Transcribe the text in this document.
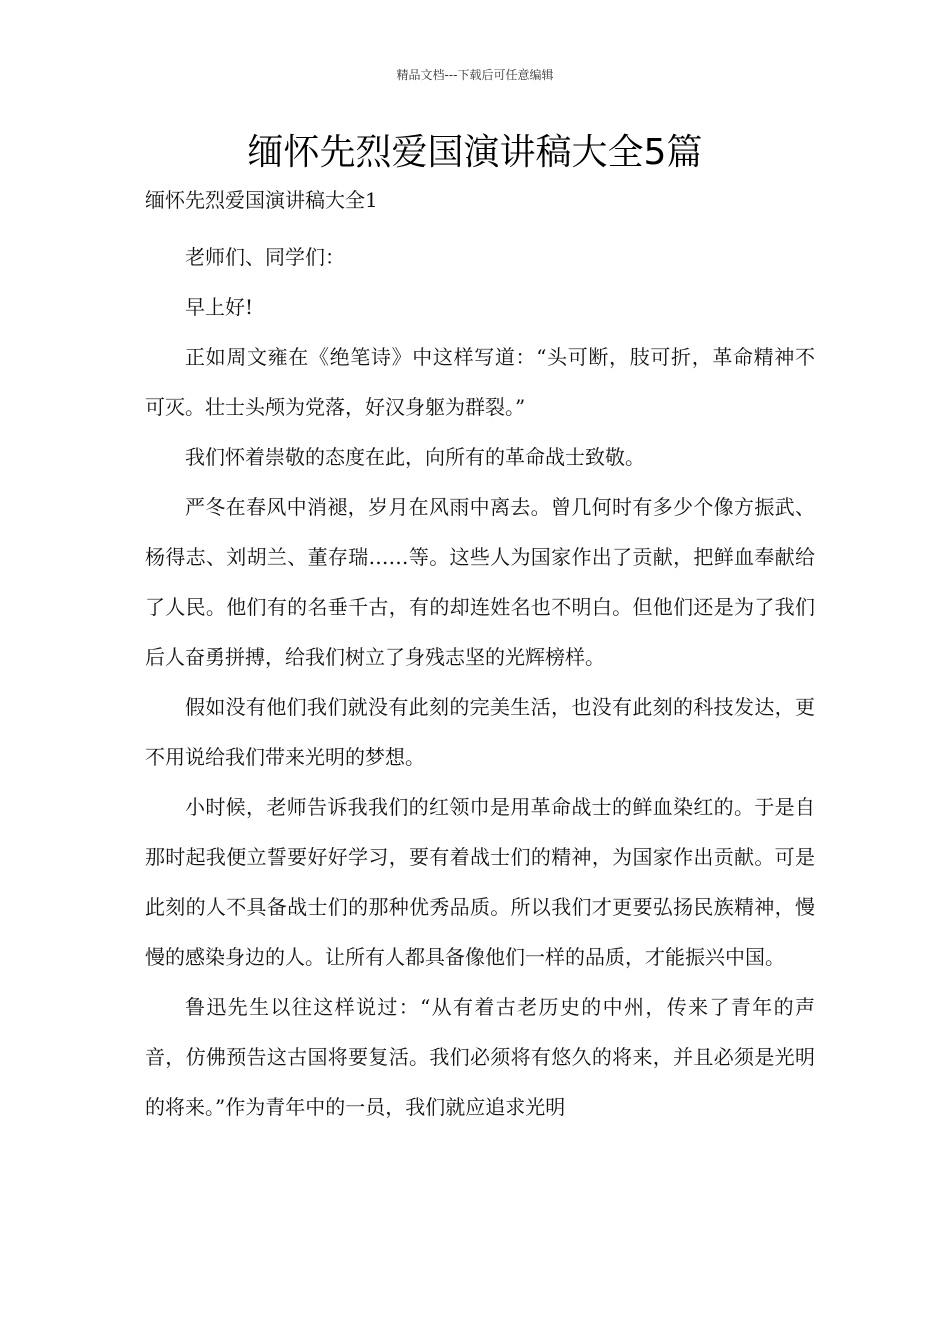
精品文档---下载后可任意编辑
缅怀先烈爱国演讲稿大全5篇

缅怀先烈爱国演讲稿大全1

老师们、同学们：

早上好!

正如周文雍在《绝笔诗》中这样写道：“头可断，肢可折，革命精神不可灭。壮士头颅为党落，好汉身躯为群裂。”

我们怀着崇敬的态度在此，向所有的革命战士致敬。

严冬在春风中消褪，岁月在风雨中离去。曾几何时有多少个像方振武、杨得志、刘胡兰、董存瑞……等。这些人为国家作出了贡献，把鲜血奉献给了人民。他们有的名垂千古，有的却连姓名也不明白。但他们还是为了我们后人奋勇拼搏，给我们树立了身残志坚的光辉榜样。

假如没有他们我们就没有此刻的完美生活，也没有此刻的科技发达，更不用说给我们带来光明的梦想。

小时候，老师告诉我我们的红领巾是用革命战士的鲜血染红的。于是自那时起我便立誓要好好学习，要有着战士们的精神，为国家作出贡献。可是此刻的人不具备战士们的那种优秀品质。所以我们才更要弘扬民族精神，慢慢的感染身边的人。让所有人都具备像他们一样的品质，才能振兴中国。

鲁迅先生以往这样说过：“从有着古老历史的中州，传来了青年的声音，仿佛预告这古国将要复活。我们必须将有悠久的将来，并且必须是光明的将来。”作为青年中的一员，我们就应追求光明
